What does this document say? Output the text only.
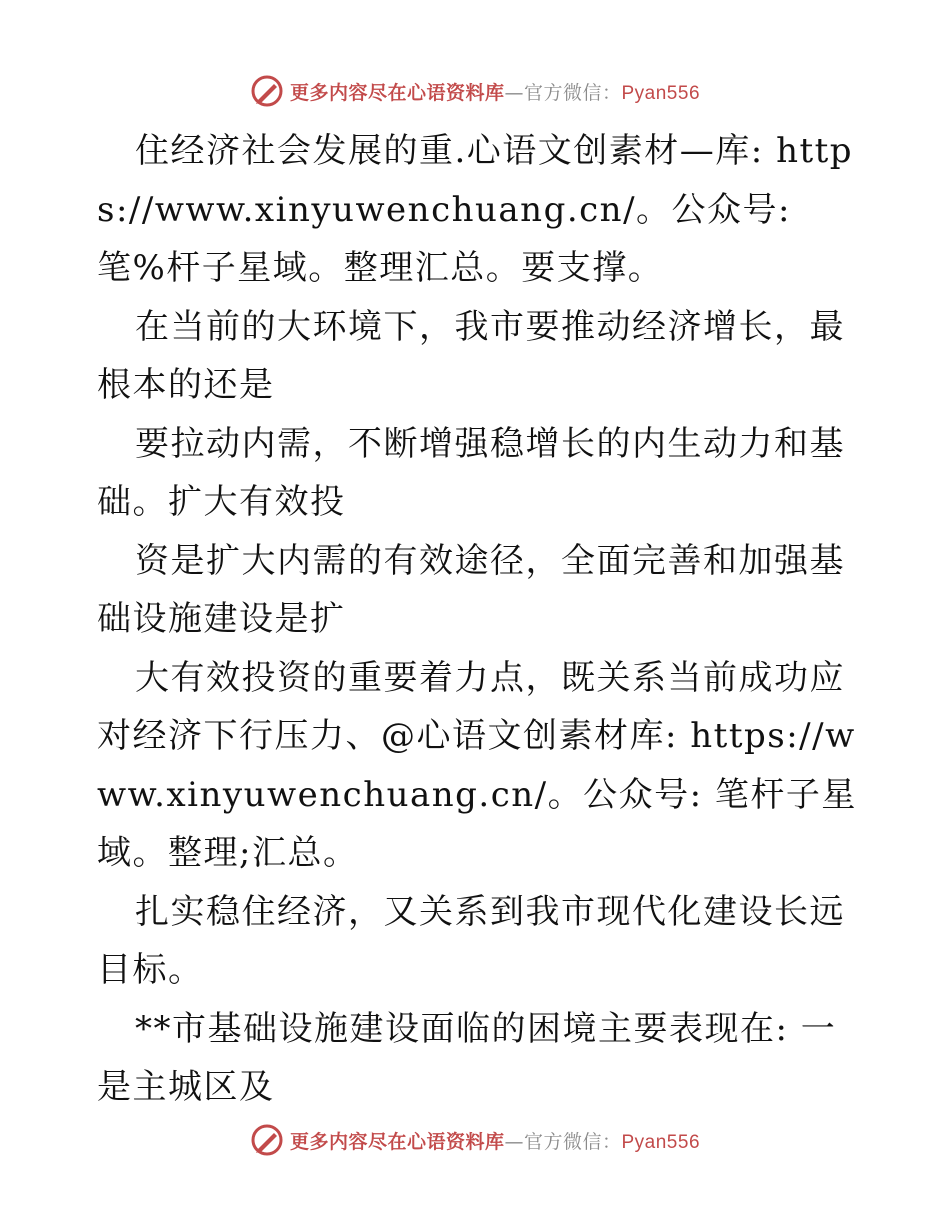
更多内容尽在心语资料库—官方微信：Pyan556

住经济社会发展的重.心语文创素材—库: https://www.xinyuwenchuang.cn/。公众号: 笔%杆子星域。整理汇总。要支撑。

在当前的大环境下，我市要推动经济增长，最根本的还是

要拉动内需，不断增强稳增长的内生动力和基础。扩大有效投

资是扩大内需的有效途径，全面完善和加强基础设施建设是扩

大有效投资的重要着力点，既关系当前成功应对经济下行压力、@心语文创素材库: https://www.xinyuwenchuang.cn/。公众号: 笔杆子星域。整理;汇总。

扎实稳住经济，又关系到我市现代化建设长远目标。

**市基础设施建设面临的困境主要表现在: 一是主城区及

更多内容尽在心语资料库—官方微信：Pyan556
